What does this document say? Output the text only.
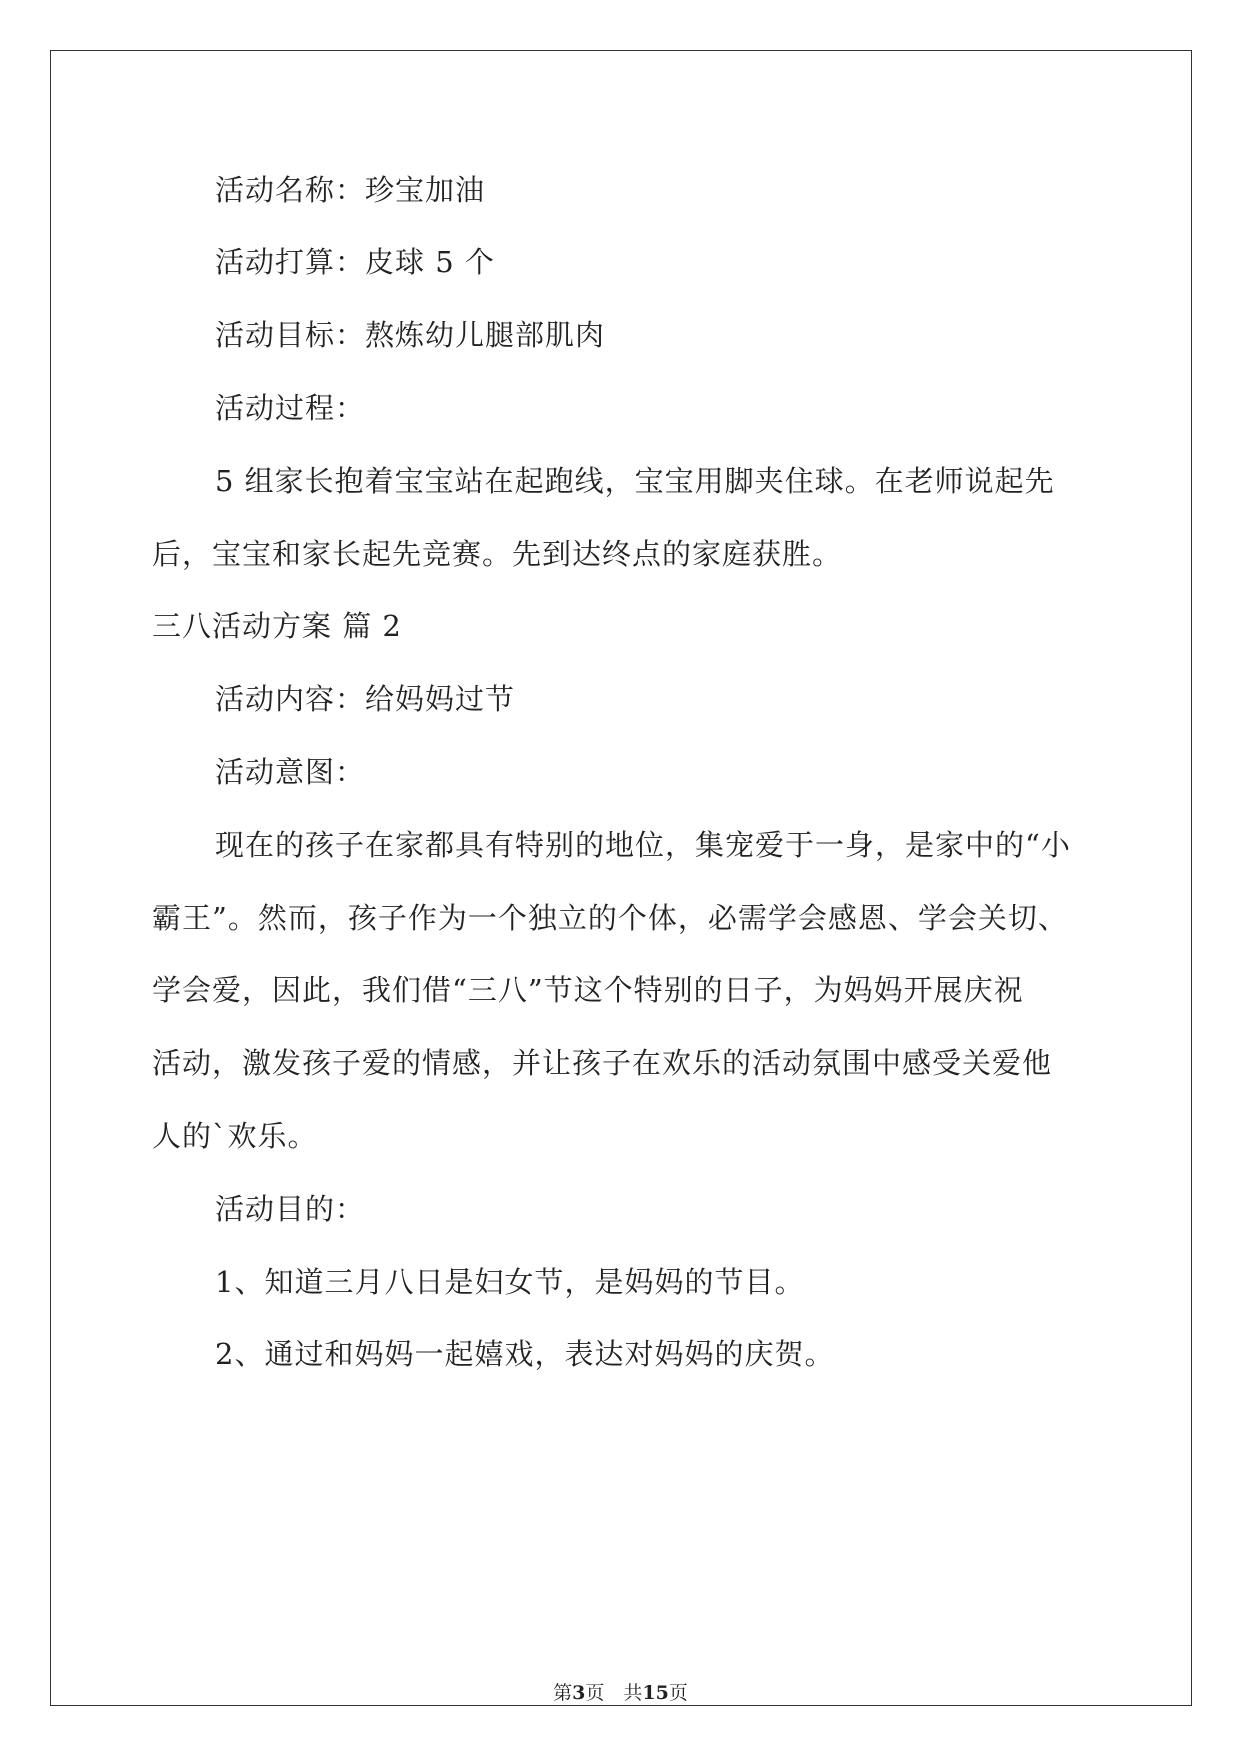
活动名称：珍宝加油
活动打算：皮球 5 个
活动目标：熬炼幼儿腿部肌肉
活动过程：
5 组家长抱着宝宝站在起跑线，宝宝用脚夹住球。在老师说起先
后，宝宝和家长起先竞赛。先到达终点的家庭获胜。
三八活动方案 篇 2
活动内容：给妈妈过节
活动意图：
现在的孩子在家都具有特别的地位，集宠爱于一身，是家中的“小
霸王”。然而，孩子作为一个独立的个体，必需学会感恩、学会关切、
学会爱，因此，我们借“三八”节这个特别的日子，为妈妈开展庆祝
活动，激发孩子爱的情感，并让孩子在欢乐的活动氛围中感受关爱他
人的`欢乐。
活动目的：
1、知道三月八日是妇女节，是妈妈的节目。
2、通过和妈妈一起嬉戏，表达对妈妈的庆贺。
第3页　共15页
